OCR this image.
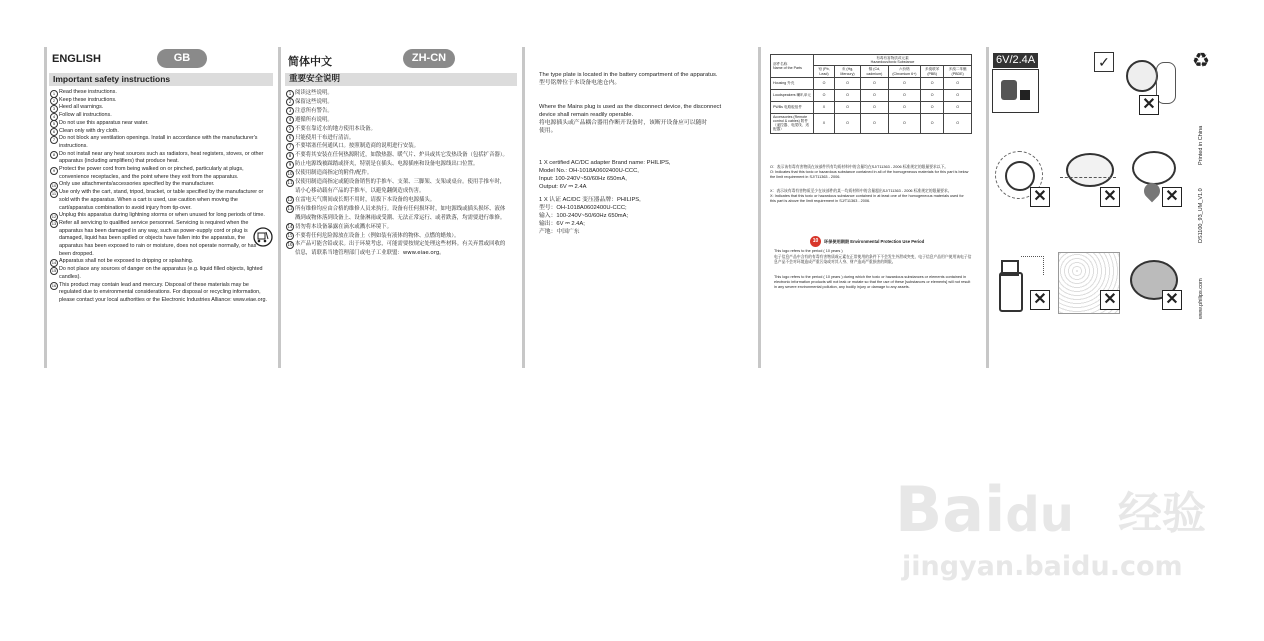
ENGLISH	GB
Important safety instructions
1 Read these instructions.
2 Keep these instructions.
3 Heed all warnings.
4 Follow all instructions.
5 Do not use this apparatus near water.
6 Clean only with dry cloth.
7 Do not block any ventilation openings. Install in accordance with the manufacturer's instructions.
8 Do not install near any heat sources such as radiators, heat registers, stoves, or other apparatus (including amplifiers) that produce heat.
9 Protect the power cord from being walked on or pinched, particularly at plugs, convenience receptacles, and the point where they exit from the apparatus.
10 Only use attachments/accessories specified by the manufacturer.
11 Use only with the cart, stand, tripod, bracket, or table specified by the manufacturer or sold with the apparatus. When a cart is used, use caution when moving the cart/apparatus combination to avoid injury from tip-over.
12 Unplug this apparatus during lightning storms or when unused for long periods of time.
13 Refer all servicing to qualified service personnel. Servicing is required when the apparatus has been damaged in any way, such as power-supply cord or plug is damaged, liquid has been spilled or objects have fallen into the apparatus, the apparatus has been exposed to rain or moisture, does not operate normally, or has been dropped.
14 Apparatus shall not be exposed to dripping or splashing.
15 Do not place any sources of danger on the apparatus (e.g. liquid filled objects, lighted candles).
16 This product may contain lead and mercury. Disposal of these materials may be regulated due to environmental considerations. For disposal or recycling information, please contact your local authorities or the Electronic Industries Alliance: www.eiae.org.
简体中文	ZH-CN
重要安全说明
1 阅读这些说明。
2 保留这些说明。
3 注意所有警告。
4 遵循所有说明。
5 不要在靠近水的地方使用本设备。
6 只能使用干布进行清洁。
7 不要堵塞任何通风口。按照制造商的说明进行安装。
8 不要将其安装在任何热源附近，如散热器、暖气片、炉具或其它发热设备（包括扩音器）。
9 防止电源线被踩踏或挤夹，特别是在插头、电源插座和设备电源线出口位置。
10 仅使用制造商指定的附件/配件。
11 仅使用制造商指定或随设备销售的手推车、支架、三脚架、支架或桌台。使用手推车时，请小心移动载有产品的手推车，以避免翻倒造成伤害。
12 在雷电天气期间或长期不用时，请拔下本设备的电源插头。
13 所有维修均应由合格的维修人员来执行。设备有任何损坏时，如电源线或插头损坏、液体溅到或物体落到设备上、设备淋雨或受潮、无法正常运行、或者跌落，均需要进行维修。
14 切勿将本设备暴露在滴水或溅水环境下。
15 不要将任何危险源放在设备上（例如装有液体的物体、点燃的蜡烛）。
16 本产品可能含铅或汞。出于环境考虑，可能需要按规定处理这些材料。有关弃置或回收的信息，请联系当地管理部门或电子工业联盟：www.eiae.org。
The type plate is located in the battery compartment of the apparatus.
型号铭牌位于本设备电池仓内。
Where the Mains plug is used as the disconnect device, the disconnect
device shall remain readily operable.
将电源插头或产品耦合器用作断开设备时，该断开设备应可以随时
使用。
1 X certified AC/DC adapter Brand name: PHILIPS,
Model No.: OH-1018A0602400U-CCC,
Input: 100-240V~50/60Hz 650mA,
Output: 6V ⎓ 2.4A
1 X 认证 AC/DC 变压器品牌：PHILIPS,
型号：OH-1018A0602400U-CCC;
输入：100-240V~50/60Hz 650mA;
输出：6V ⎓ 2.4A;
产地：中国广东
部件名称
Name of the Parts	有毒有害物质或元素
Hazardous/toxic Substance					
	铅 (Pb, Lead)	汞 (Hg, Mercury)	镉 (Cd, cadmium)	六价铬(Chromium 6+)	多溴联苯 (PBB)	多溴二苯醚 (PBDE)
Housing 外壳	O	O	O	O	O	O
Loudspeakers 喇叭单元	O	O	O	O	O	O
PWBs 电路板组件	X	O	O	O	O	O
Accessories (Remote control & cables) 附件（遥控器、电缆线、适配器）	X	O	O	O	O	O
O：表示该有毒有害物质在该部件所有均质材料中的含量均在SJ/T11363 - 2006 标准规定的限量要求以下。
O: Indicates that this toxic or hazardous substance contained in all of the homogeneous materials for this part is below the limit requirement in SJ/T11363 - 2006.
X：表示该有毒有害物质至少在该部件的某一均质材料中的含量超出SJ/T11363 - 2006 标准规定的限量要求。
X: Indicates that this toxic or hazardous substance contained in at least one of the homogeneous materials used for this part is above the limit requirement in SJ/T11363 - 2006.
10	环保使用期限 Environmental Protection Use Period
This logo refers to the period ( 10 years )
电子信息产品中含有的有毒有害物质或元素在正常使用的条件下不会发生外泄或突变，电子信息产品用户使用该电子信息产品不会对环境造成严重污染或对其人身、财产造成严重损害的期限。
This logo refers to the period ( 10 years ) during which the toxic or hazardous substances or elements contained in electronic information products will not leak or mutate so that the use of these [substances or elements] will not result in any severe environmental pollution, any bodily injury or damage to any assets.
6V/2.4A	✓
✕
♻
✕	✕	✕
✕	✕	✕
Printed in China
DS1100_93_UM_V1.0
www.philips.com
Baidu 经验
jingyan.baidu.com
